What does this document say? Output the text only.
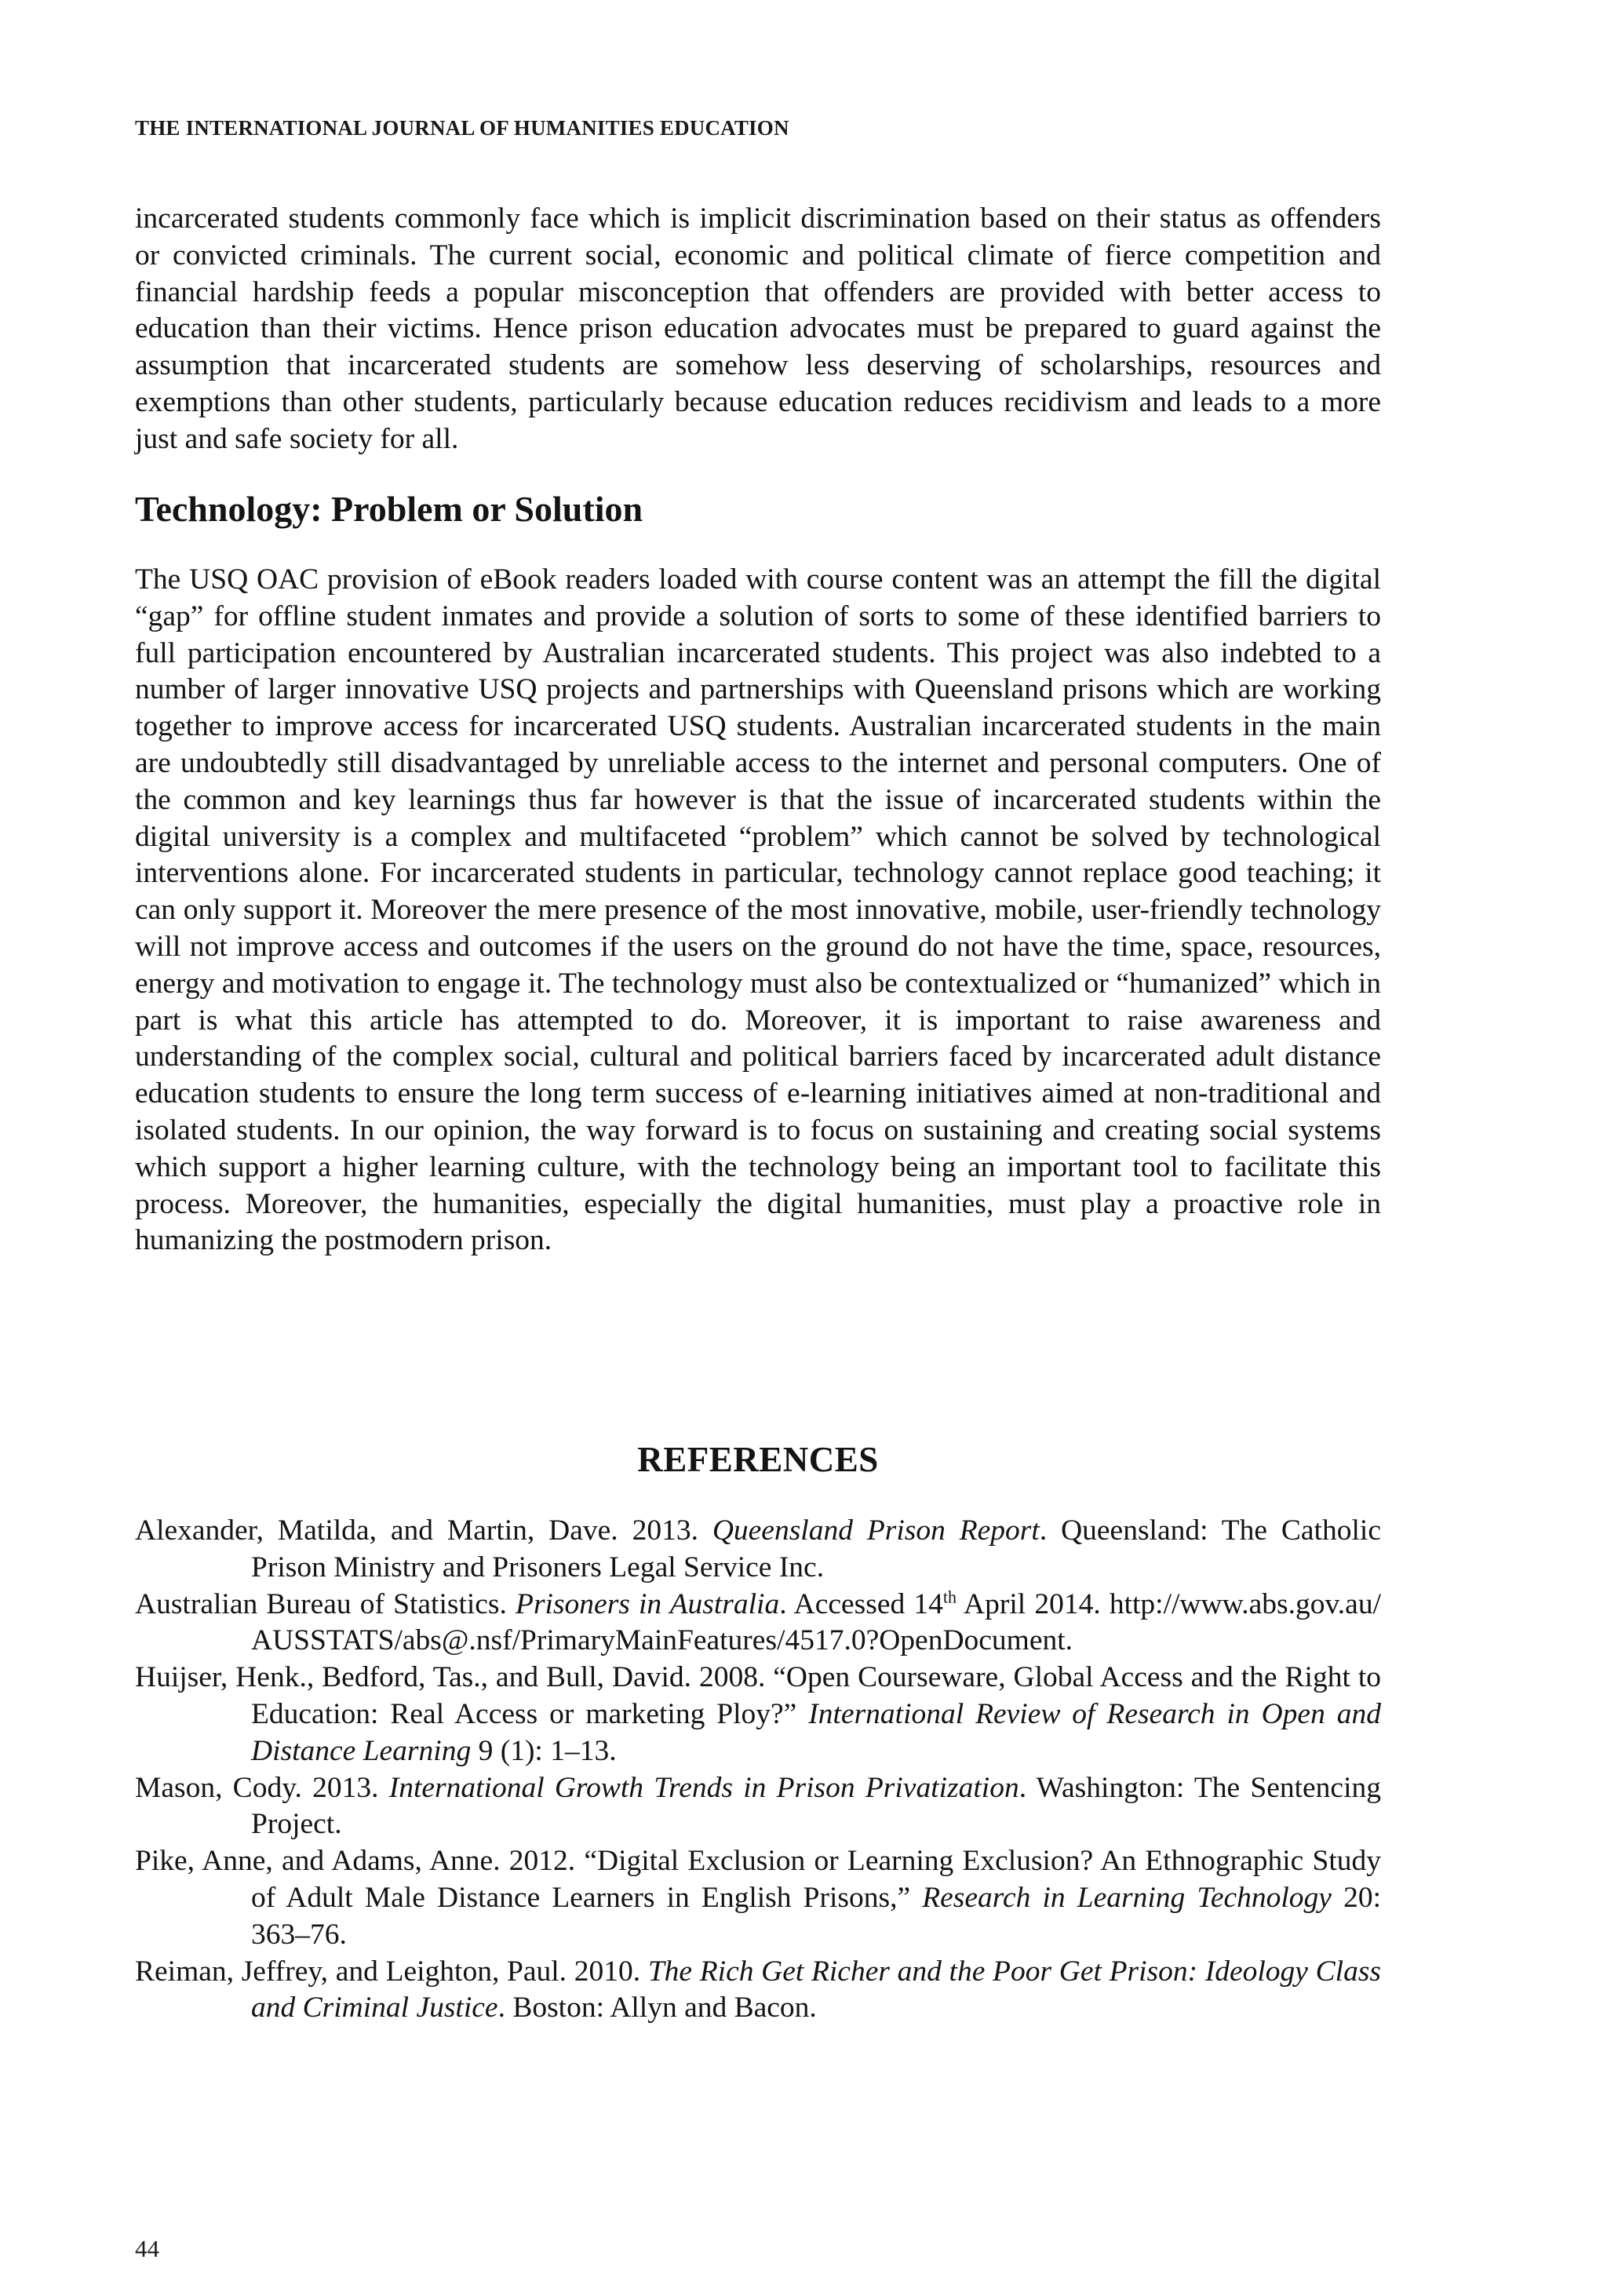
THE INTERNATIONAL JOURNAL OF HUMANITIES EDUCATION

incarcerated students commonly face which is implicit discrimination based on their status as offenders or convicted criminals. The current social, economic and political climate of fierce competition and financial hardship feeds a popular misconception that offenders are provided with better access to education than their victims. Hence prison education advocates must be prepared to guard against the assumption that incarcerated students are somehow less deserving of scholarships, resources and exemptions than other students, particularly because education reduces recidivism and leads to a more just and safe society for all.

Technology: Problem or Solution

The USQ OAC provision of eBook readers loaded with course content was an attempt the fill the digital “gap” for offline student inmates and provide a solution of sorts to some of these identified barriers to full participation encountered by Australian incarcerated students. This project was also indebted to a number of larger innovative USQ projects and partnerships with Queensland prisons which are working together to improve access for incarcerated USQ students. Australian incarcerated students in the main are undoubtedly still disadvantaged by unreliable access to the internet and personal computers. One of the common and key learnings thus far however is that the issue of incarcerated students within the digital university is a complex and multifaceted “problem” which cannot be solved by technological interventions alone. For incarcerated students in particular, technology cannot replace good teaching; it can only support it. Moreover the mere presence of the most innovative, mobile, user-friendly technology will not improve access and outcomes if the users on the ground do not have the time, space, resources, energy and motivation to engage it. The technology must also be contextualized or “humanized” which in part is what this article has attempted to do. Moreover, it is important to raise awareness and understanding of the complex social, cultural and political barriers faced by incarcerated adult distance education students to ensure the long term success of e-learning initiatives aimed at non-traditional and isolated students. In our opinion, the way forward is to focus on sustaining and creating social systems which support a higher learning culture, with the technology being an important tool to facilitate this process. Moreover, the humanities, especially the digital humanities, must play a proactive role in humanizing the postmodern prison.

REFERENCES
Alexander, Matilda, and Martin, Dave. 2013. Queensland Prison Report. Queensland: The Catholic Prison Ministry and Prisoners Legal Service Inc.
Australian Bureau of Statistics. Prisoners in Australia. Accessed 14th April 2014. http://www.abs.gov.au/AUSSTATS/abs@.nsf/PrimaryMainFeatures/4517.0?OpenDocument.
Huijser, Henk., Bedford, Tas., and Bull, David. 2008. “Open Courseware, Global Access and the Right to Education: Real Access or marketing Ploy?” International Review of Research in Open and Distance Learning 9 (1): 1–13.
Mason, Cody. 2013. International Growth Trends in Prison Privatization. Washington: The Sentencing Project.
Pike, Anne, and Adams, Anne. 2012. “Digital Exclusion or Learning Exclusion? An Ethnographic Study of Adult Male Distance Learners in English Prisons,” Research in Learning Technology 20: 363–76.
Reiman, Jeffrey, and Leighton, Paul. 2010. The Rich Get Richer and the Poor Get Prison: Ideology Class and Criminal Justice. Boston: Allyn and Bacon.
44
